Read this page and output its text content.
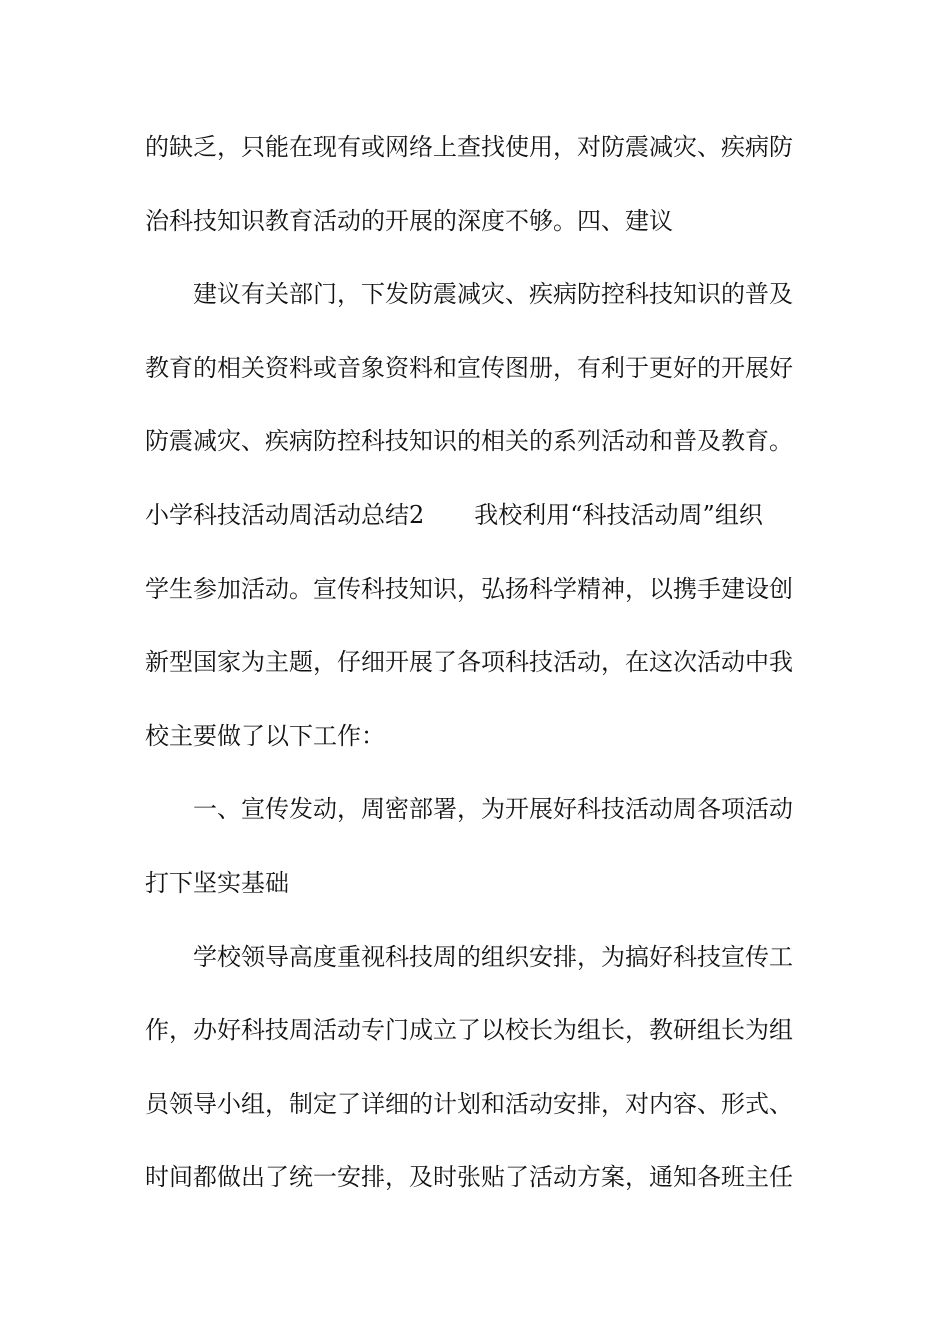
的缺乏，只能在现有或网络上查找使用，对防震减灾、疾病防
治科技知识教育活动的开展的深度不够。四、建议
建议有关部门，下发防震减灾、疾病防控科技知识的普及
教育的相关资料或音象资料和宣传图册，有利于更好的开展好
防震减灾、疾病防控科技知识的相关的系列活动和普及教育。
小学科技活动周活动总结2 我校利用“科技活动周”组织
学生参加活动。宣传科技知识，弘扬科学精神，以携手建设创
新型国家为主题，仔细开展了各项科技活动，在这次活动中我
校主要做了以下工作：
一、宣传发动，周密部署，为开展好科技活动周各项活动
打下坚实基础
学校领导高度重视科技周的组织安排，为搞好科技宣传工
作，办好科技周活动专门成立了以校长为组长，教研组长为组
员领导小组，制定了详细的计划和活动安排，对内容、形式、
时间都做出了统一安排，及时张贴了活动方案，通知各班主任
